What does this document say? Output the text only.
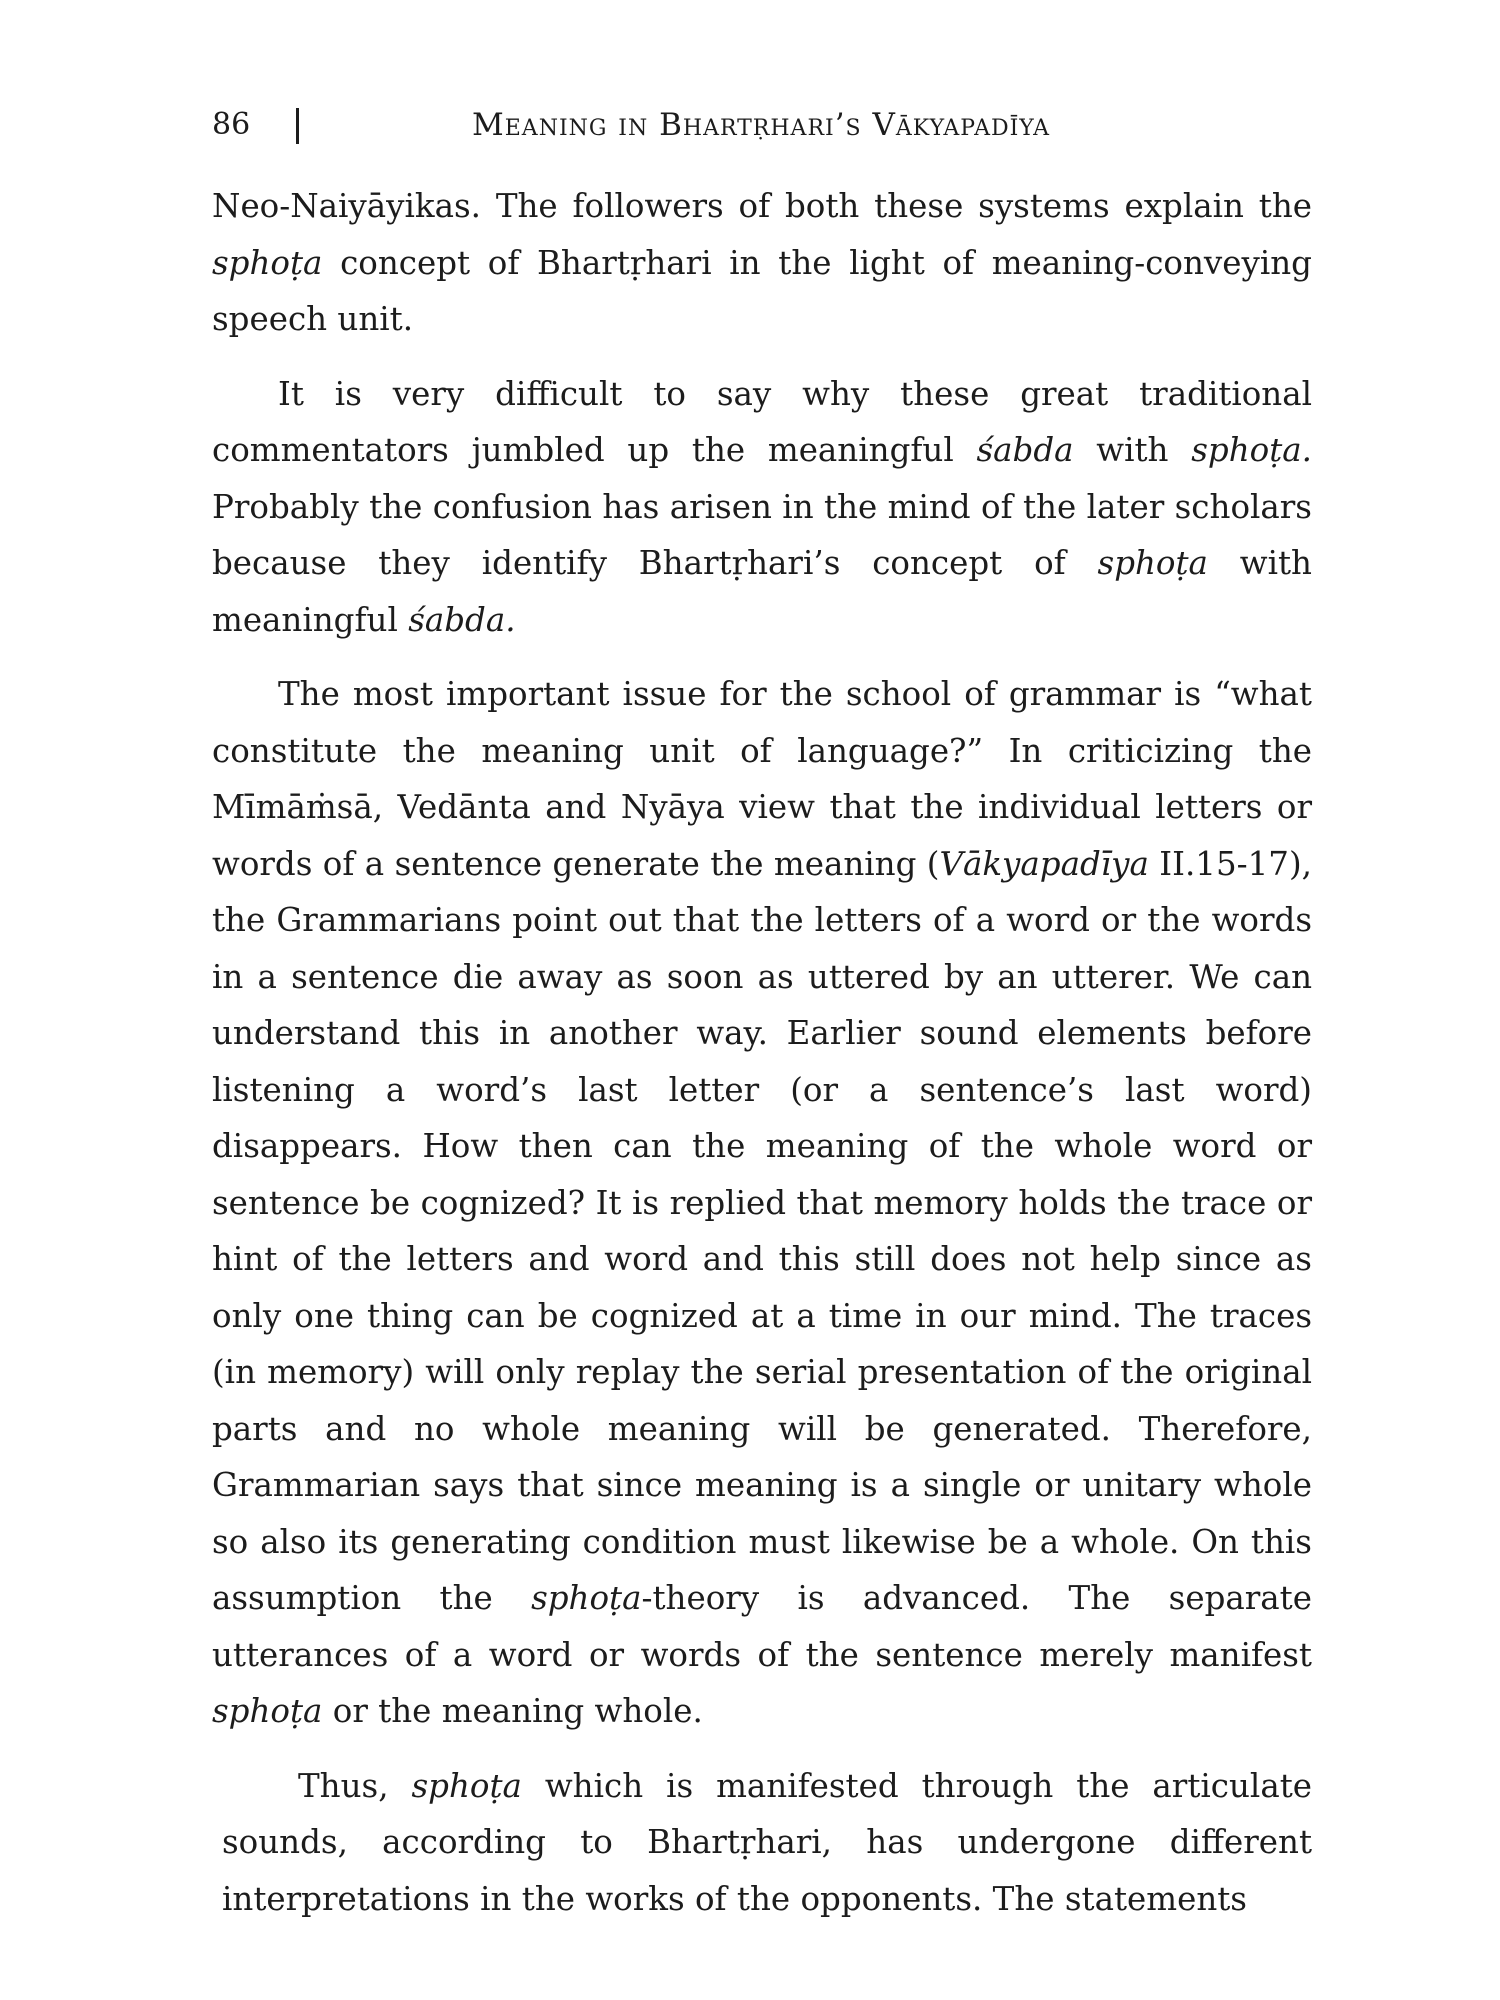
86	Meaning in Bhartṛhari’s Vākyapadīya

Neo-Naiyāyikas. The followers of both these systems explain the sphoṭa concept of Bhartṛhari in the light of meaning-conveying speech unit.

It is very difficult to say why these great traditional commentators jumbled up the meaningful śabda with sphoṭa. Probably the confusion has arisen in the mind of the later scholars because they identify Bhartṛhari’s concept of sphoṭa with meaningful śabda.

The most important issue for the school of grammar is “what constitute the meaning unit of language?” In criticizing the Mīmāṁsā, Vedānta and Nyāya view that the individual letters or words of a sentence generate the meaning (Vākyapadīya II.15-17), the Grammarians point out that the letters of a word or the words in a sentence die away as soon as uttered by an utterer. We can understand this in another way. Earlier sound elements before listening a word’s last letter (or a sentence’s last word) disappears. How then can the meaning of the whole word or sentence be cognized? It is replied that memory holds the trace or hint of the letters and word and this still does not help since as only one thing can be cognized at a time in our mind. The traces (in memory) will only replay the serial presentation of the original parts and no whole meaning will be generated. Therefore, Grammarian says that since meaning is a single or unitary whole so also its generating condition must likewise be a whole. On this assumption the sphoṭa-theory is advanced. The separate utterances of a word or words of the sentence merely manifest sphoṭa or the meaning whole.

Thus, sphoṭa which is manifested through the articulate sounds, according to Bhartṛhari, has undergone different interpretations in the works of the opponents. The statements
